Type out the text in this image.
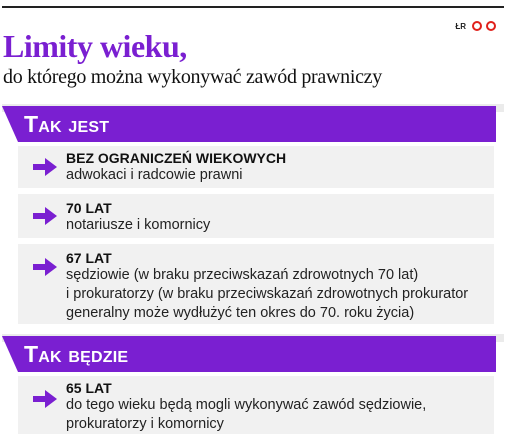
ŁR
Limity wieku,
do którego można wykonywać zawód prawniczy
Tak jest
BEZ OGRANICZEŃ WIEKOWYCH
adwokaci i radcowie prawni
70 LAT
notariusze i komornicy
67 LAT
sędziowie (w braku przeciwskazań zdrowotnych 70 lat)
i prokuratorzy (w braku przeciwskazań zdrowotnych prokurator
generalny może wydłużyć ten okres do 70. roku życia)
Tak będzie
65 LAT
do tego wieku będą mogli wykonywać zawód sędziowie,
prokuratorzy i komornicy
